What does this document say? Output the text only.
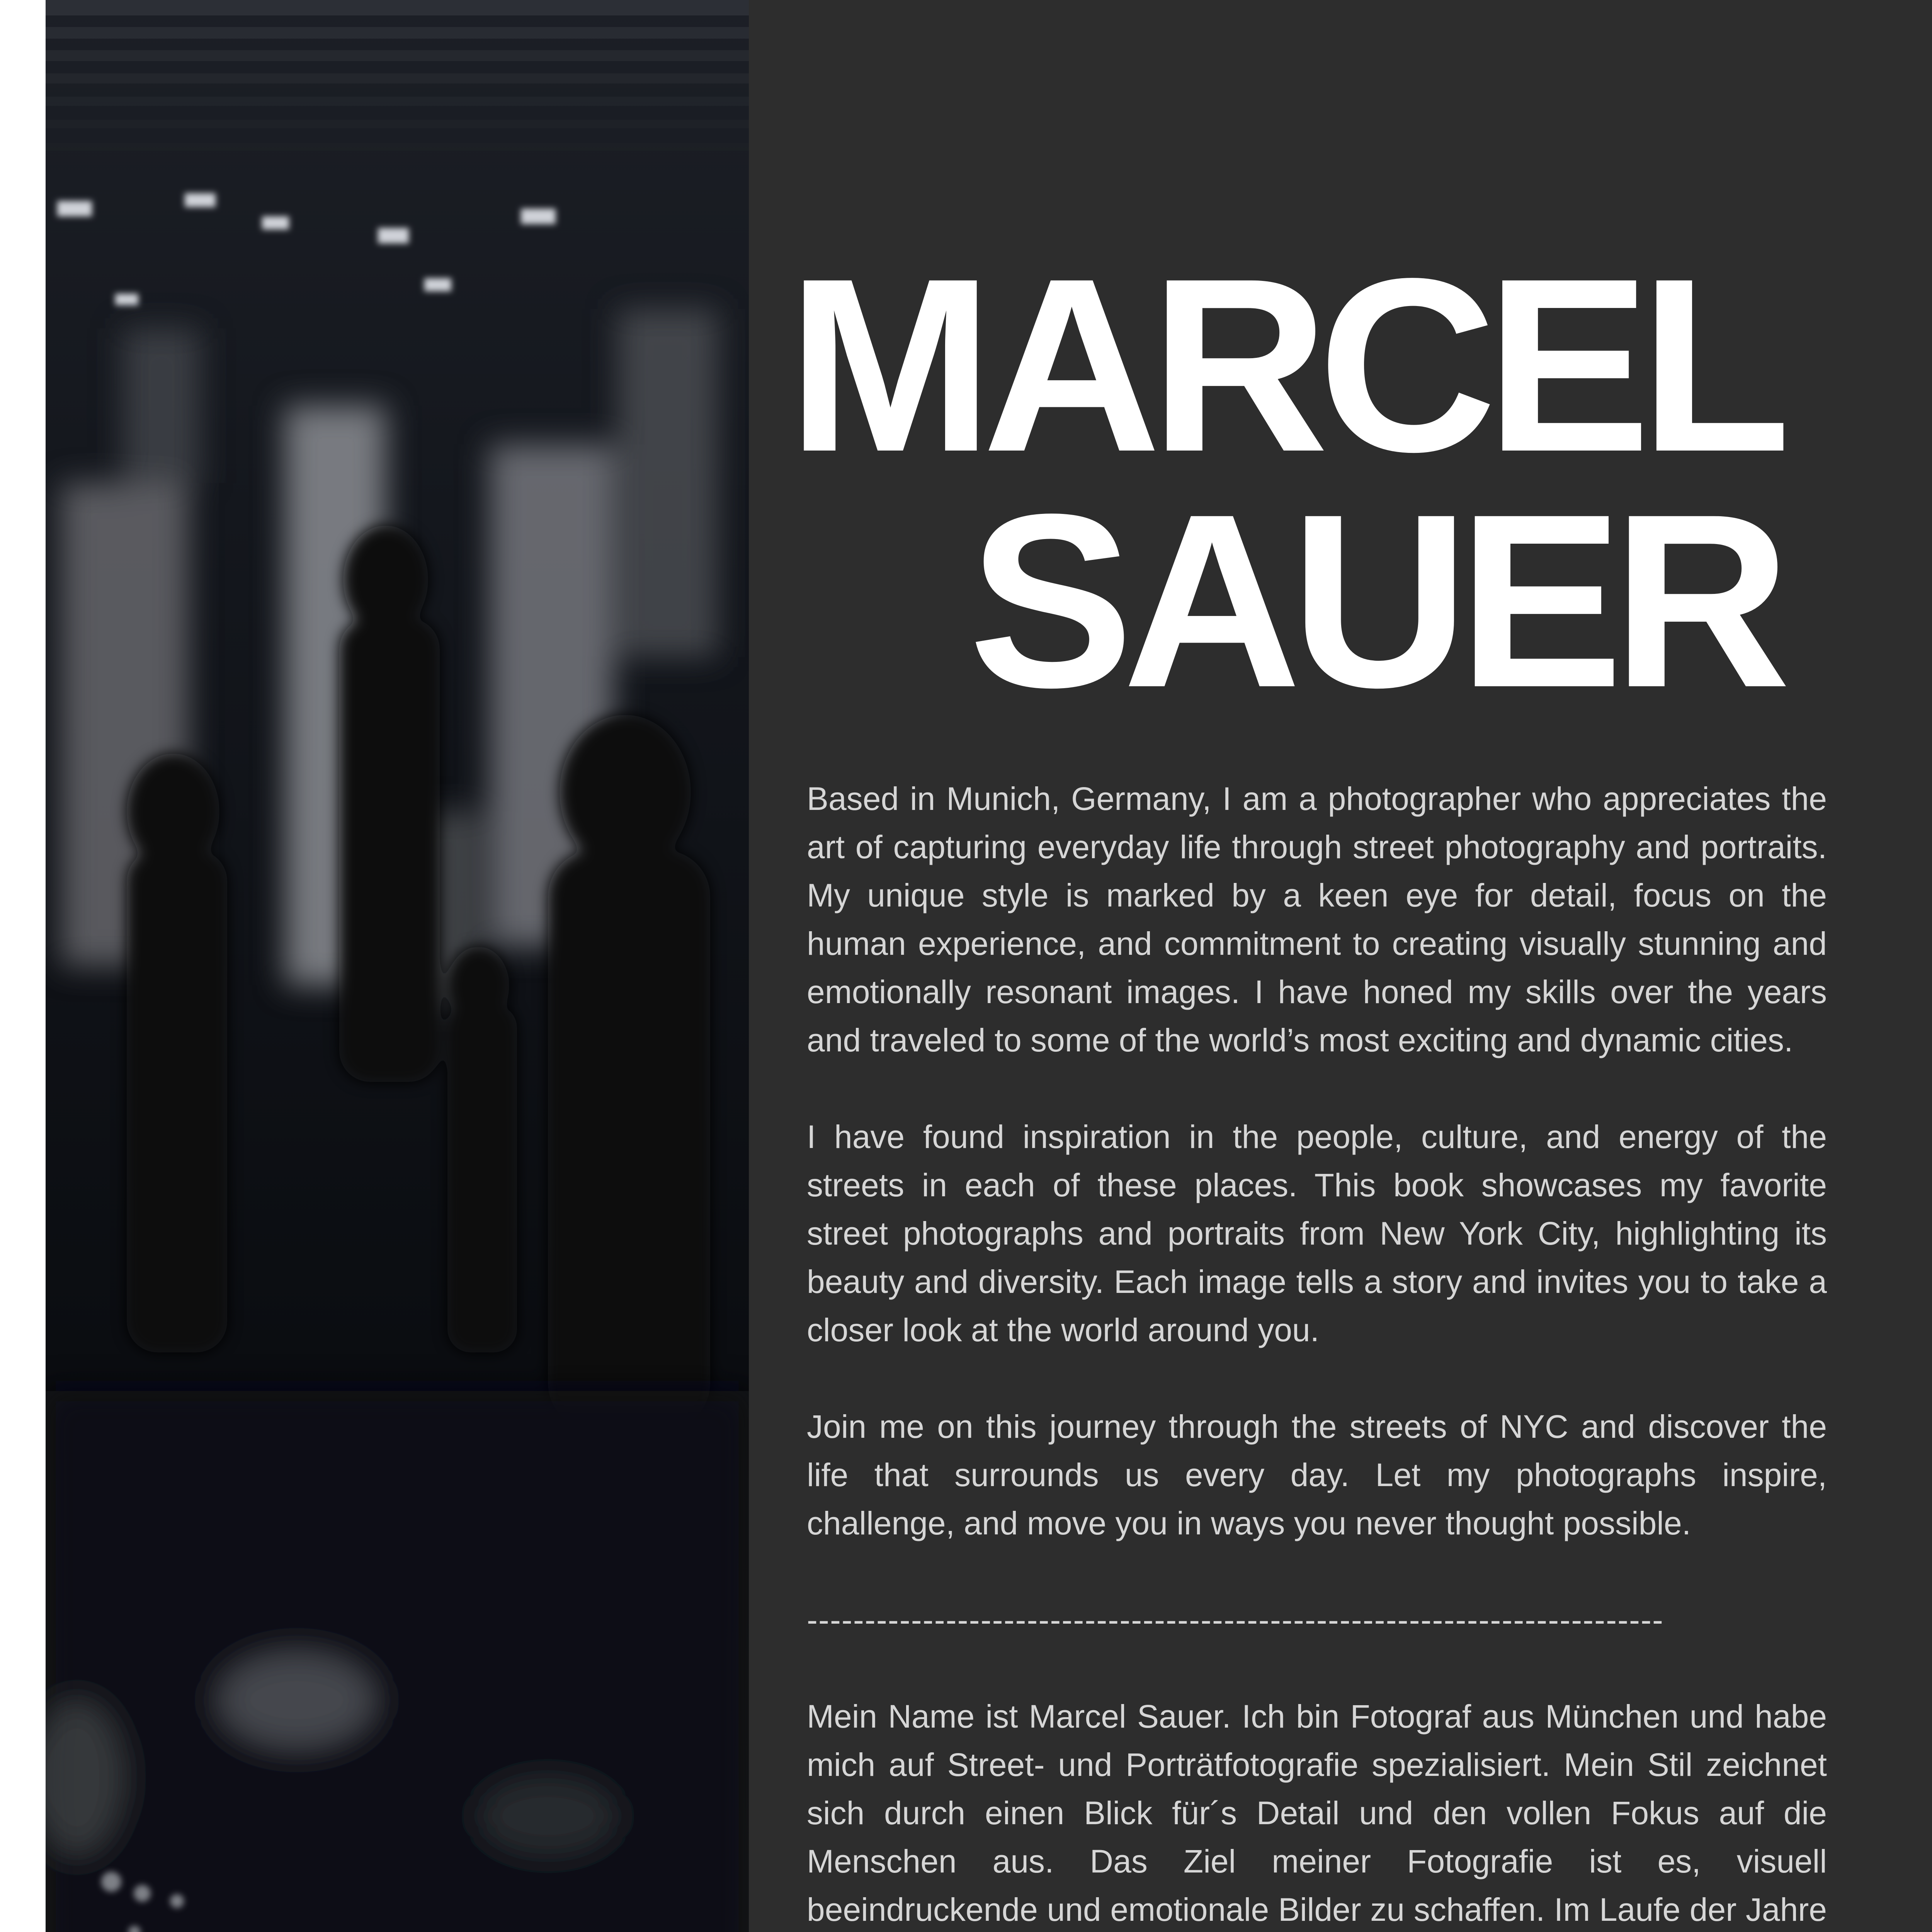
MARCEL
SAUER

Based in Munich, Germany, I am a photographer who appreciates the art of capturing everyday life through street photography and portraits. My unique style is marked by a keen eye for detail, focus on the human experience, and commitment to creating visually stunning and emotionally resonant images. I have honed my skills over the years and traveled to some of the world’s most exciting and dynamic cities.

I have found inspiration in the people, culture, and energy of the streets in each of these places. This book showcases my favorite street photographs and portraits from New York City, highlighting its beauty and diversity. Each image tells a story and invites you to take a closer look at the world around you.

Join me on this journey through the streets of NYC and discover the life that surrounds us every day. Let my photographs inspire, challenge, and move you in ways you never thought possible.

--------------------------------------------------------------------------

Mein Name ist Marcel Sauer. Ich bin Fotograf aus München und habe mich auf Street- und Porträtfotografie spezialisiert. Mein Stil zeichnet sich durch einen Blick für´s Detail und den vollen Fokus auf die Menschen aus. Das Ziel meiner Fotografie ist es, visuell beeindruckende und emotionale Bilder zu schaffen. Im Laufe der Jahre
